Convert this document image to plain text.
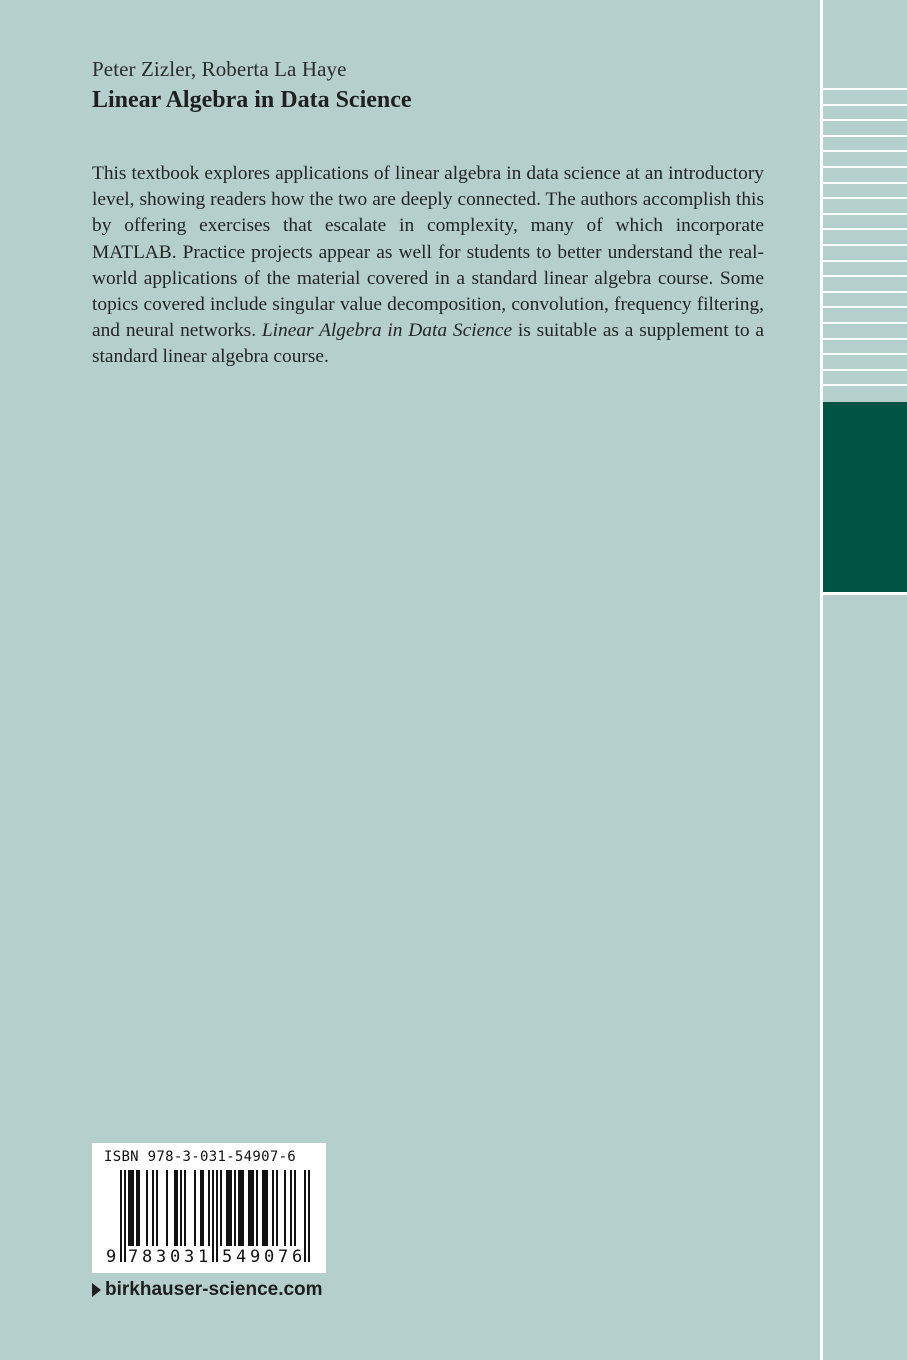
Peter Zizler, Roberta La Haye
Linear Algebra in Data Science

This textbook explores applications of linear algebra in data science at an introductory level, showing readers how the two are deeply connected. The authors accomplish this by offering exercises that escalate in complexity, many of which incorporate MATLAB. Practice projects appear as well for students to better understand the real-world applications of the material covered in a standard linear algebra course. Some topics covered include singular value decomposition, convolution, frequency filtering, and neural networks. Linear Algebra in Data Science is suitable as a supplement to a standard linear algebra course.

ISBN 978-3-031-54907-6
9 7 8 3 0 3 1 5 4 9 0 7 6
birkhauser-science.com
